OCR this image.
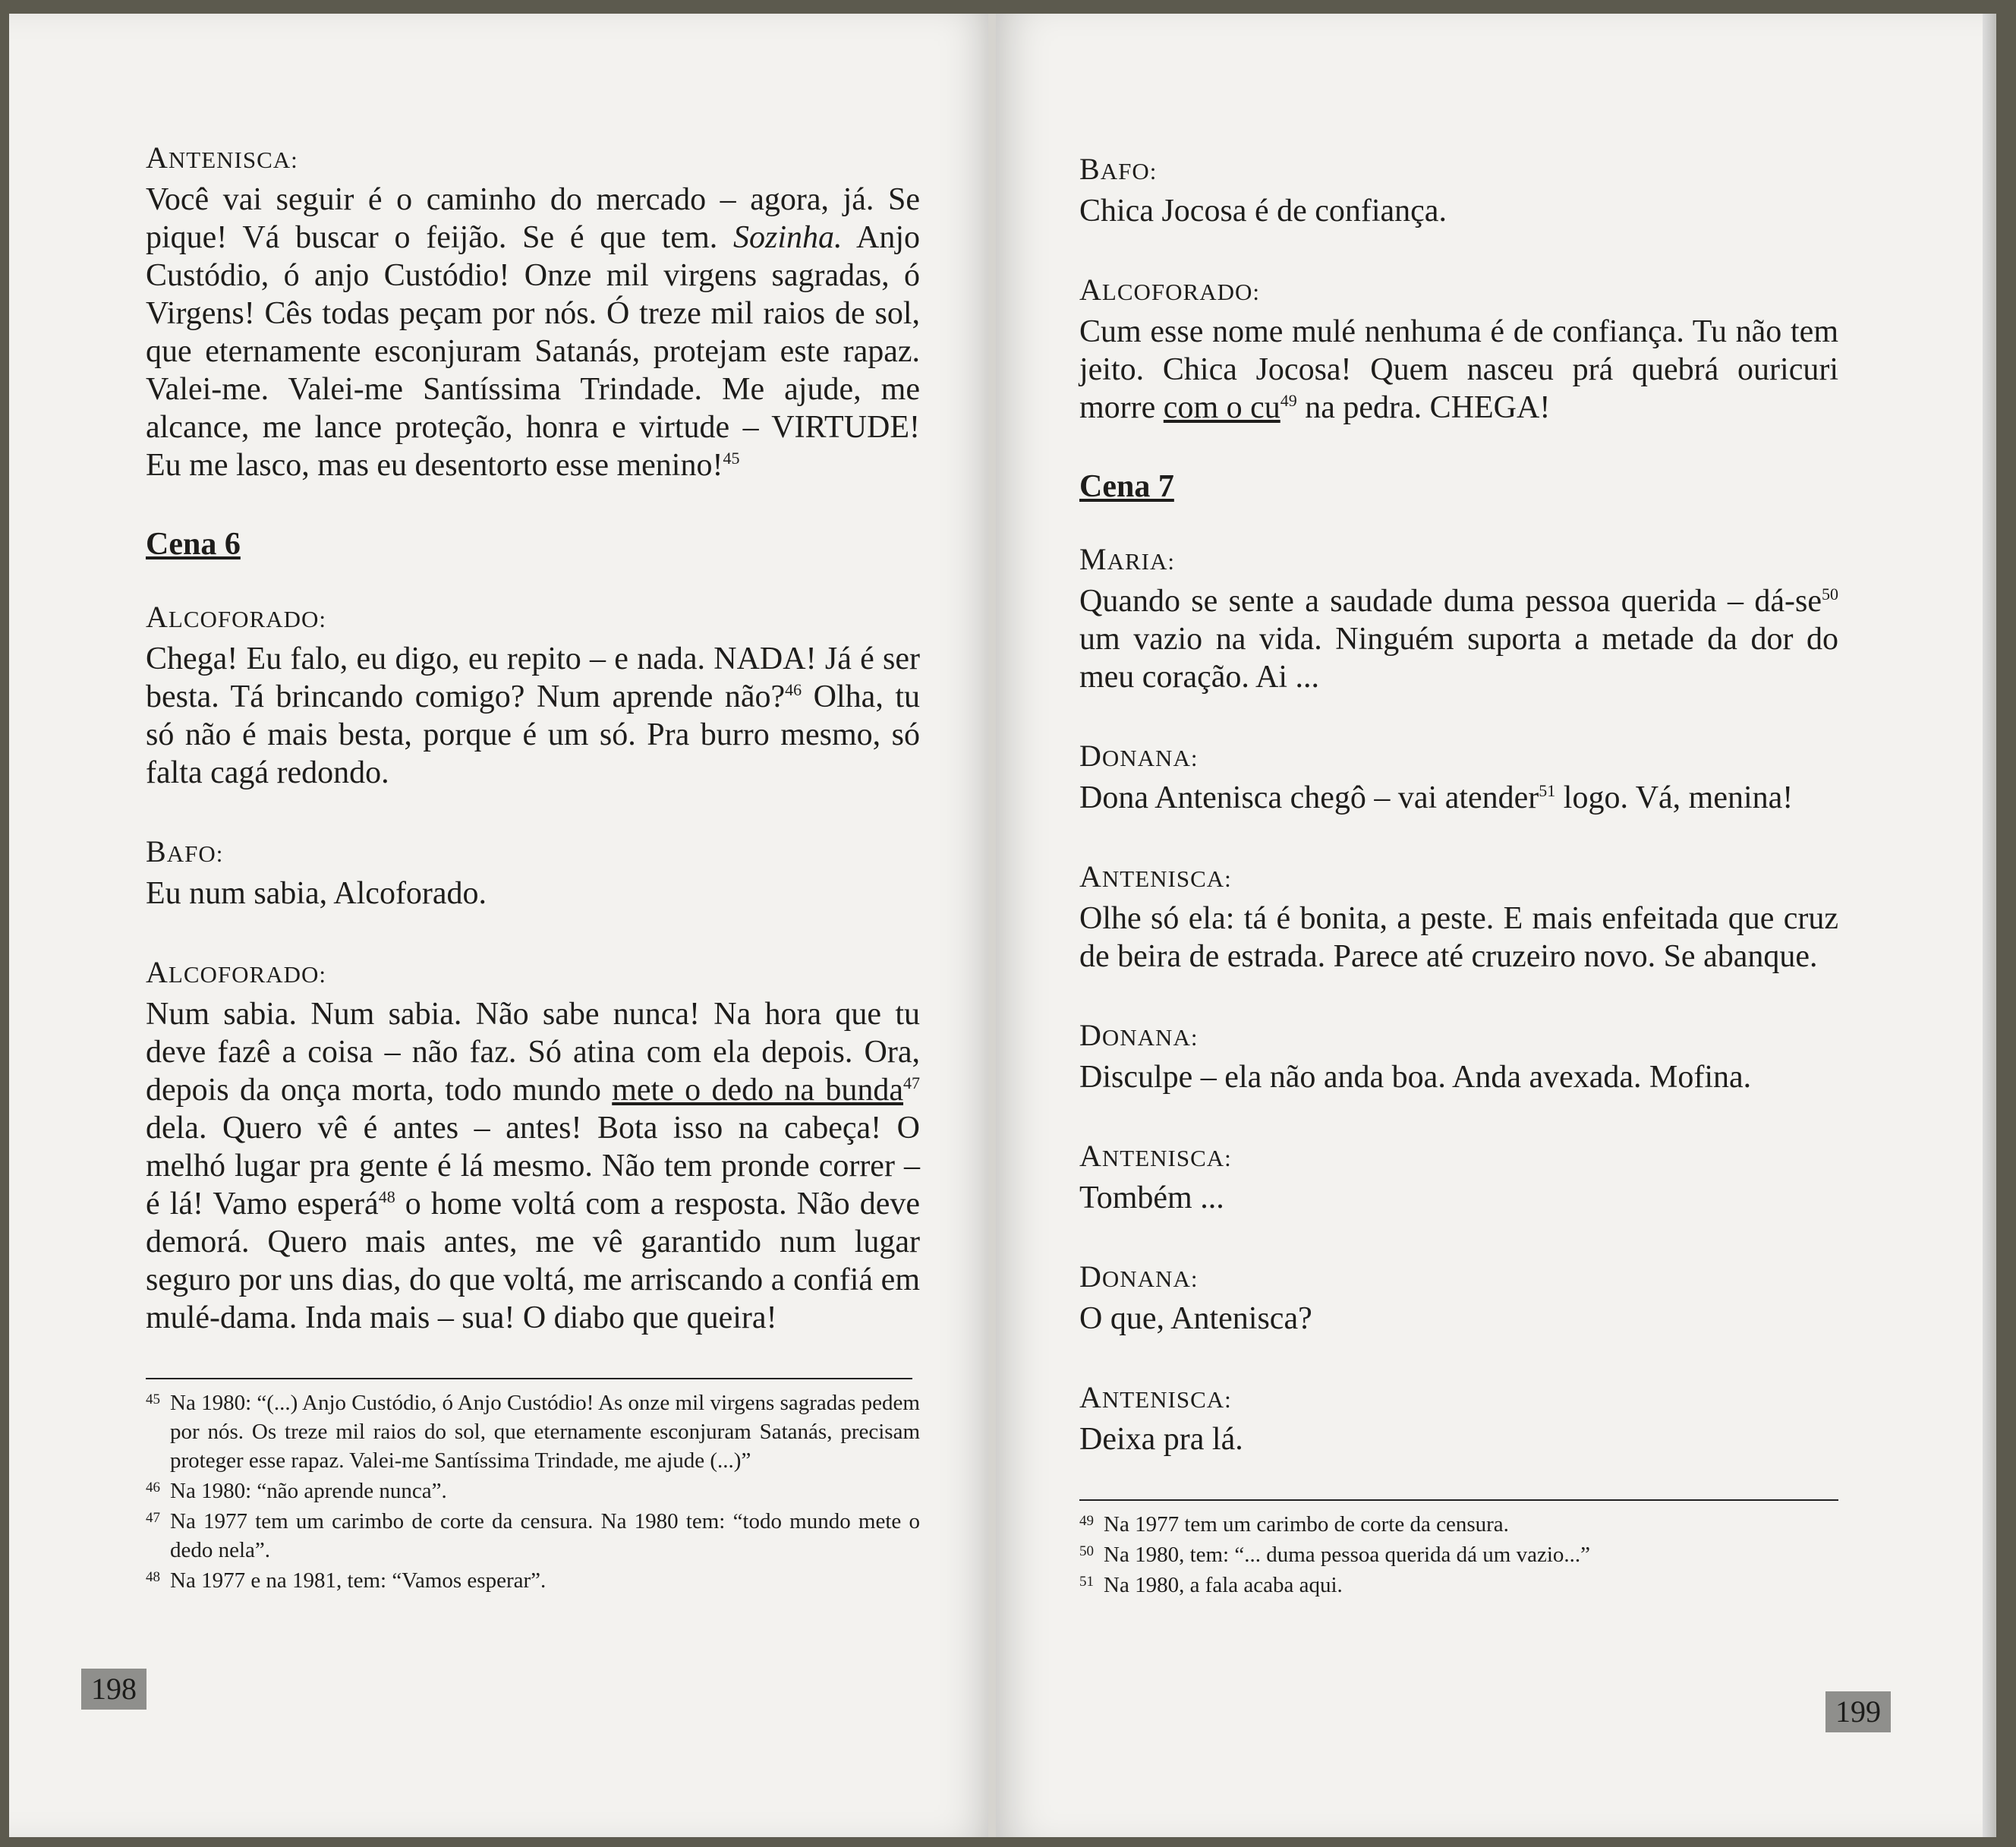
ANTENISCA:

Você vai seguir é o caminho do mercado – agora, já. Se pique! Vá buscar o feijão. Se é que tem. Sozinha. Anjo Custódio, ó anjo Custódio! Onze mil virgens sagradas, ó Virgens! Cês todas peçam por nós. Ó treze mil raios de sol, que eternamente esconjuram Satanás, protejam este rapaz. Valei-me. Valei-me Santíssima Trindade. Me ajude, me alcance, me lance proteção, honra e virtude – VIRTUDE! Eu me lasco, mas eu desentorto esse menino!$^{45}$

Cena 6
ALCOFORADO:

Chega! Eu falo, eu digo, eu repito – e nada. NADA! Já é ser besta. Tá brincando comigo? Num aprende não?$^{46}$ Olha, tu só não é mais besta, porque é um só. Pra burro mesmo, só falta cagá redondo.

BAFO:

Eu num sabia, Alcoforado.

ALCOFORADO:

Num sabia. Num sabia. Não sabe nunca! Na hora que tu deve fazê a coisa – não faz. Só atina com ela depois. Ora, depois da onça morta, todo mundo mete o dedo na bunda$^{47}$ dela. Quero vê é antes – antes! Bota isso na cabeça! O melhó lugar pra gente é lá mesmo. Não tem pronde correr – é lá! Vamo esperá$^{48}$ o home voltá com a resposta. Não deve demorá. Quero mais antes, me vê garantido num lugar seguro por uns dias, do que voltá, me arriscando a confiá em mulé-dama. Inda mais – sua! O diabo que queira!

45 Na 1980: “(...) Anjo Custódio, ó Anjo Custódio! As onze mil virgens sagradas pedem por nós. Os treze mil raios do sol, que eternamente esconjuram Satanás, precisam proteger esse rapaz. Valei-me Santíssima Trindade, me ajude (...)”
46 Na 1980: “não aprende nunca”.
47 Na 1977 tem um carimbo de corte da censura. Na 1980 tem: “todo mundo mete o dedo nela”.
48 Na 1977 e na 1981, tem: “Vamos esperar”.
198
BAFO:

Chica Jocosa é de confiança.

ALCOFORADO:

Cum esse nome mulé nenhuma é de confiança. Tu não tem jeito. Chica Jocosa! Quem nasceu prá quebrá ouricuri morre com o $cu^{49}$ na pedra. CHEGA!

Cena 7
MARIA:

Quando se sente a saudade duma pessoa querida – $dá-se^{50}$ um vazio na vida. Ninguém suporta a metade da dor do meu coração. Ai ...

DONANA:

Dona Antenisca chegô – vai atender$^{51}$ logo. Vá, menina!

ANTENISCA:

Olhe só ela: tá é bonita, a peste. E mais enfeitada que cruz de beira de estrada. Parece até cruzeiro novo. Se abanque.

DONANA:

Disculpe – ela não anda boa. Anda avexada. Mofina.

ANTENISCA:

Tombém ...

DONANA:

O que, Antenisca?

ANTENISCA:

Deixa pra lá.

49 Na 1977 tem um carimbo de corte da censura.
50 Na 1980, tem: “... duma pessoa querida dá um vazio...”
51 Na 1980, a fala acaba aqui.
199
